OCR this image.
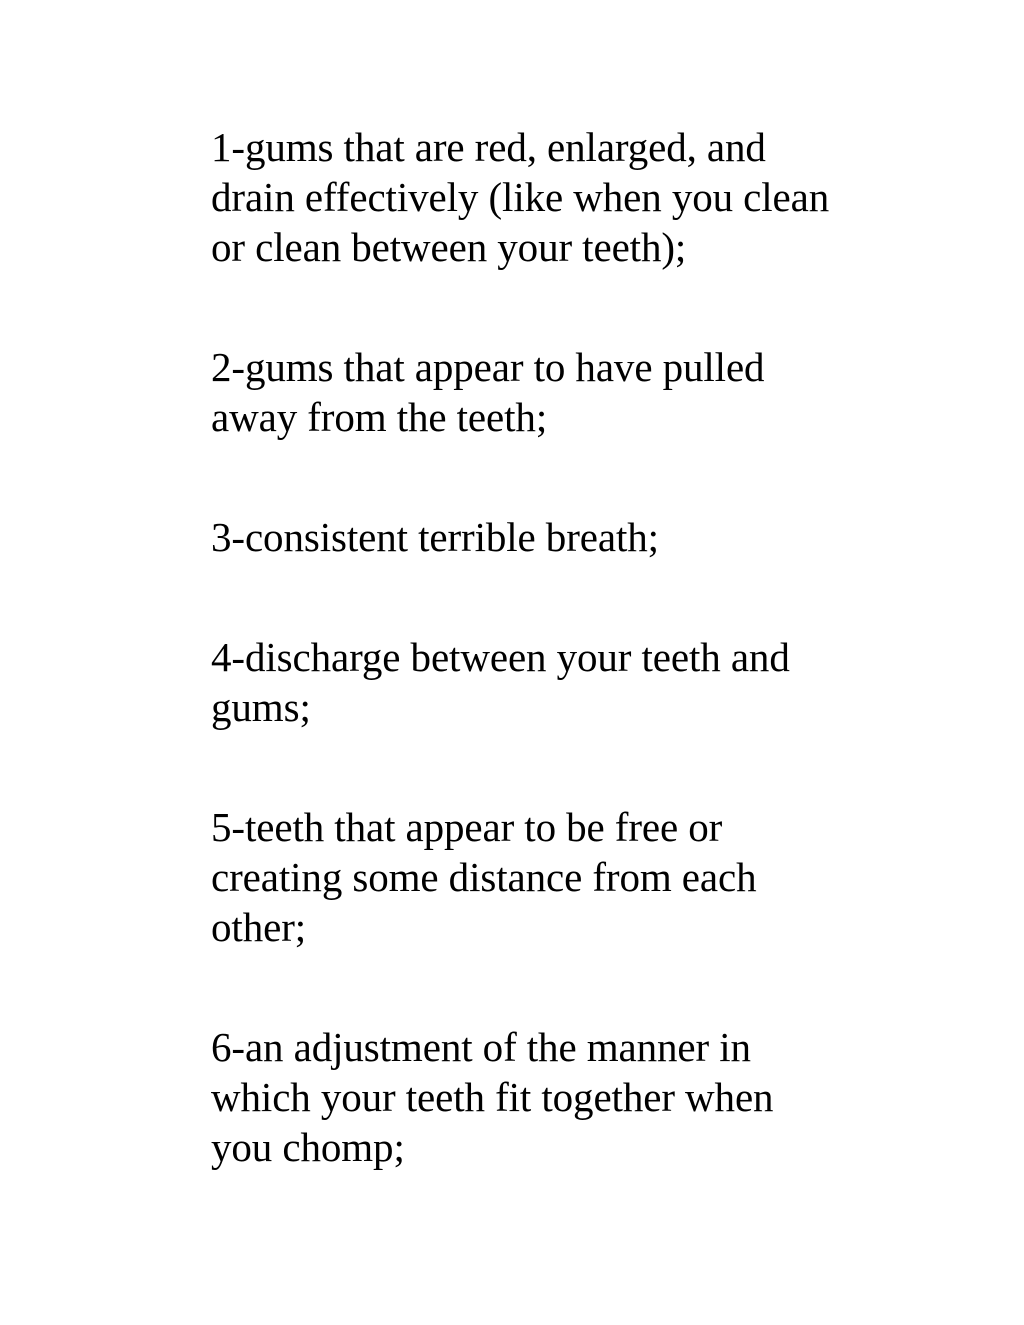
1-gums that are red, enlarged, and
drain effectively (like when you clean
or clean between your teeth);

2-gums that appear to have pulled
away from the teeth;

3-consistent terrible breath;

4-discharge between your teeth and
gums;

5-teeth that appear to be free or
creating some distance from each
other;

6-an adjustment of the manner in
which your teeth fit together when
you chomp;
